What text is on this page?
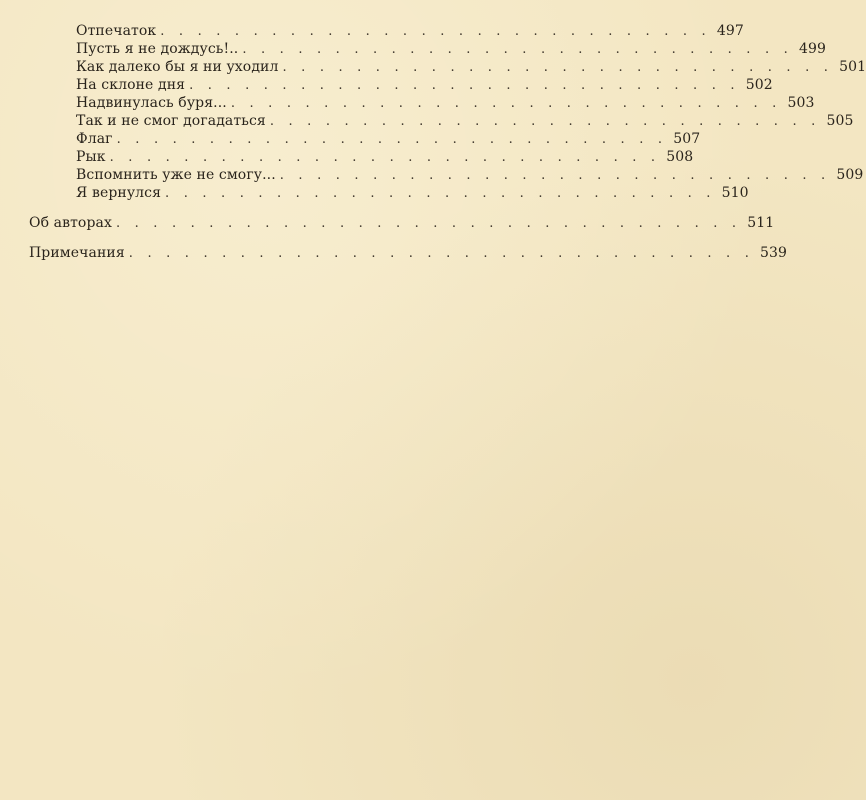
Отпечаток . . . . . . . . . . . . . . . . . . . . . . . . . . . . . . 497
Пусть я не дождусь!.. . . . . . . . . . . . . . . . . . . . . . . . . . . . . . . 499
Как далеко бы я ни уходил . . . . . . . . . . . . . . . . . . . . . . . . . . . . . . 501
На склоне дня . . . . . . . . . . . . . . . . . . . . . . . . . . . . . . 502
Надвинулась буря... . . . . . . . . . . . . . . . . . . . . . . . . . . . . . . 503
Так и не смог догадаться . . . . . . . . . . . . . . . . . . . . . . . . . . . . . . 505
Флаг . . . . . . . . . . . . . . . . . . . . . . . . . . . . . . 507
Рык . . . . . . . . . . . . . . . . . . . . . . . . . . . . . . 508
Вспомнить уже не смогу... . . . . . . . . . . . . . . . . . . . . . . . . . . . . . . 509
Я вернулся . . . . . . . . . . . . . . . . . . . . . . . . . . . . . . 510
Об авторах . . . . . . . . . . . . . . . . . . . . . . . . . . . . . . . . . . 511
Примечания . . . . . . . . . . . . . . . . . . . . . . . . . . . . . . . . . . 539
